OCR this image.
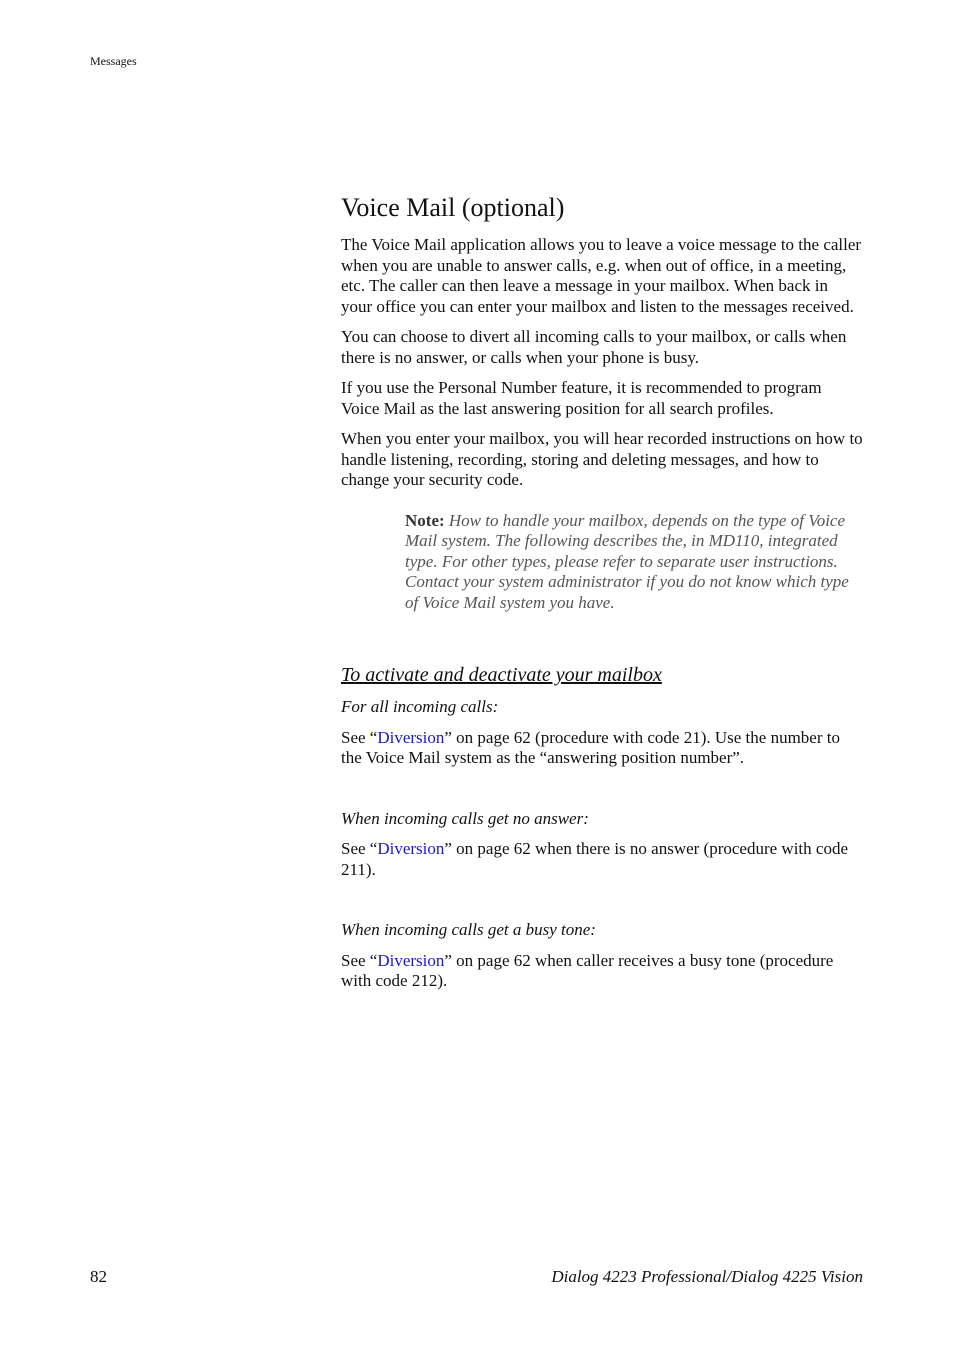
Messages
Voice Mail (optional)

The Voice Mail application allows you to leave a voice message to the caller when you are unable to answer calls, e.g. when out of office, in a meeting, etc. The caller can then leave a message in your mailbox. When back in your office you can enter your mailbox and listen to the messages received.

You can choose to divert all incoming calls to your mailbox, or calls when there is no answer, or calls when your phone is busy.

If you use the Personal Number feature, it is recommended to program Voice Mail as the last answering position for all search profiles.

When you enter your mailbox, you will hear recorded instructions on how to handle listening, recording, storing and deleting messages, and how to change your security code.

Note: How to handle your mailbox, depends on the type of Voice Mail system. The following describes the, in MD110, integrated type. For other types, please refer to separate user instructions. Contact your system administrator if you do not know which type of Voice Mail system you have.
To activate and deactivate your mailbox

For all incoming calls:

See “Diversion” on page 62 (procedure with code 21). Use the number to the Voice Mail system as the “answering position number”.

When incoming calls get no answer:

See “Diversion” on page 62 when there is no answer (procedure with code 211).

When incoming calls get a busy tone:

See “Diversion” on page 62 when caller receives a busy tone (procedure with code 212).

82	Dialog 4223 Professional/Dialog 4225 Vision
